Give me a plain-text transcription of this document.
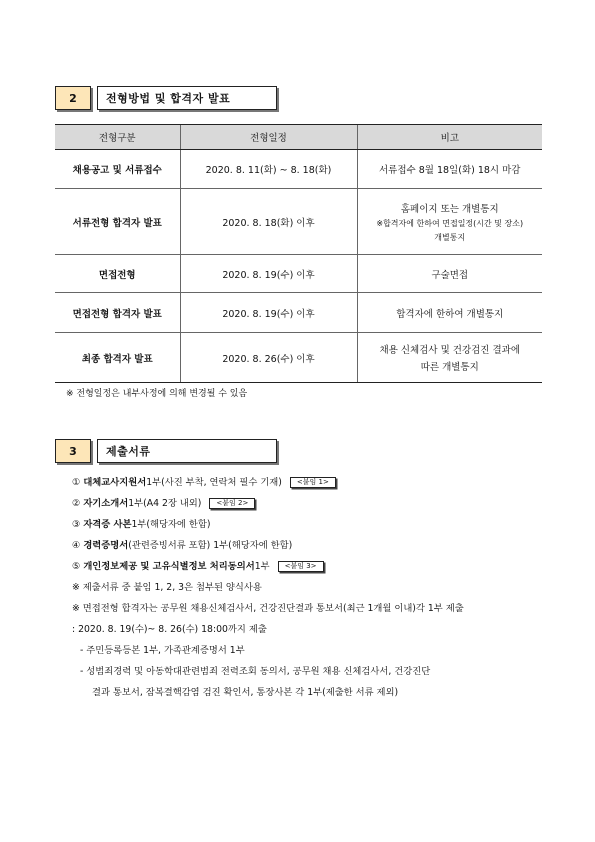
2	전형방법 및 합격자 발표
전형구분	전형일정	비고
채용공고 및 서류접수	2020. 8. 11(화) ~ 8. 18(화)	서류접수 8월 18일(화) 18시 마감

서류전형 합격자 발표	2020. 8. 18(화) 이후	홈페이지 또는 개별통지
※합격자에 한하여 면접일정(시간 및 장소)
개별통지

면접전형	2020. 8. 19(수) 이후	구술면접

면접전형 합격자 발표	2020. 8. 19(수) 이후	합격자에 한하여 개별통지

최종 합격자 발표	2020. 8. 26(수) 이후	채용 신체검사 및 건강검진 결과에
따른 개별통지
※ 전형일정은 내부사정에 의해 변경될 수 있음
3	제출서류
①
대체교사지원서 1부(사진 부착, 연락처 필수 기재)	<붙임 1>
②
자기소개서 1부(A4 2장 내외)	<붙임 2>
③
자격증 사본 1부(해당자에 한함)
④
경력증명서 (관련증빙서류 포함) 1부(해당자에 한함)
⑤
개인정보제공 및 고유식별정보 처리동의서 1부	<붙임 3>
※ 제출서류 중 붙임 1, 2, 3은 첨부된 양식사용
※ 면접전형 합격자는 공무원 채용신체검사서, 건강진단결과 통보서(최근 1개월 이내)각 1부 제출
: 2020. 8. 19(수)~ 8. 26(수) 18:00까지 제출
- 주민등록등본 1부, 가족관계증명서 1부
- 성범죄경력 및 아동학대관련범죄 전력조회 동의서, 공무원 채용 신체검사서, 건강진단
결과 통보서, 잠복결핵감염 검진 확인서, 통장사본 각 1부(제출한 서류 제외)
